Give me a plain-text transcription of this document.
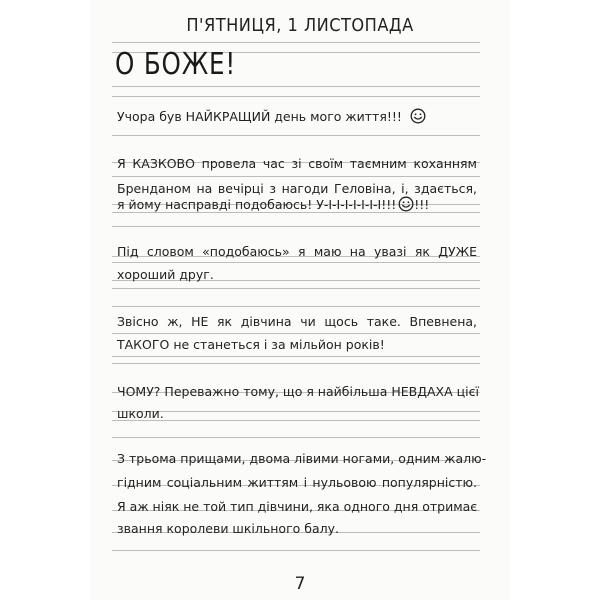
П'ЯТНИЦЯ, 1 ЛИСТОПАДА
О БОЖЕ!
Учора був НАЙКРАЩИЙ день мого життя!!!
Я КАЗКОВО провела час зі своїм таємним коханням
Бренданом на вечірці з нагоди Геловіна, і, здається,
я йому насправді подобаюсь! У-І-І-І-І-І-І-І!!! !!!
Під словом «подобаюсь» я маю на увазі як ДУЖЕ
хороший друг.
Звісно ж, НЕ як дівчина чи щось таке. Впевнена,
ТАКОГО не станеться і за мільйон років!
ЧОМУ? Переважно тому, що я найбільша НЕВДАХА цієї
школи.
З трьома прищами, двома лівими ногами, одним жалю-
гідним соціальним життям і нульовою популярністю.
Я аж ніяк не той тип дівчини, яка одного дня отримає
звання королеви шкільного балу.
7
